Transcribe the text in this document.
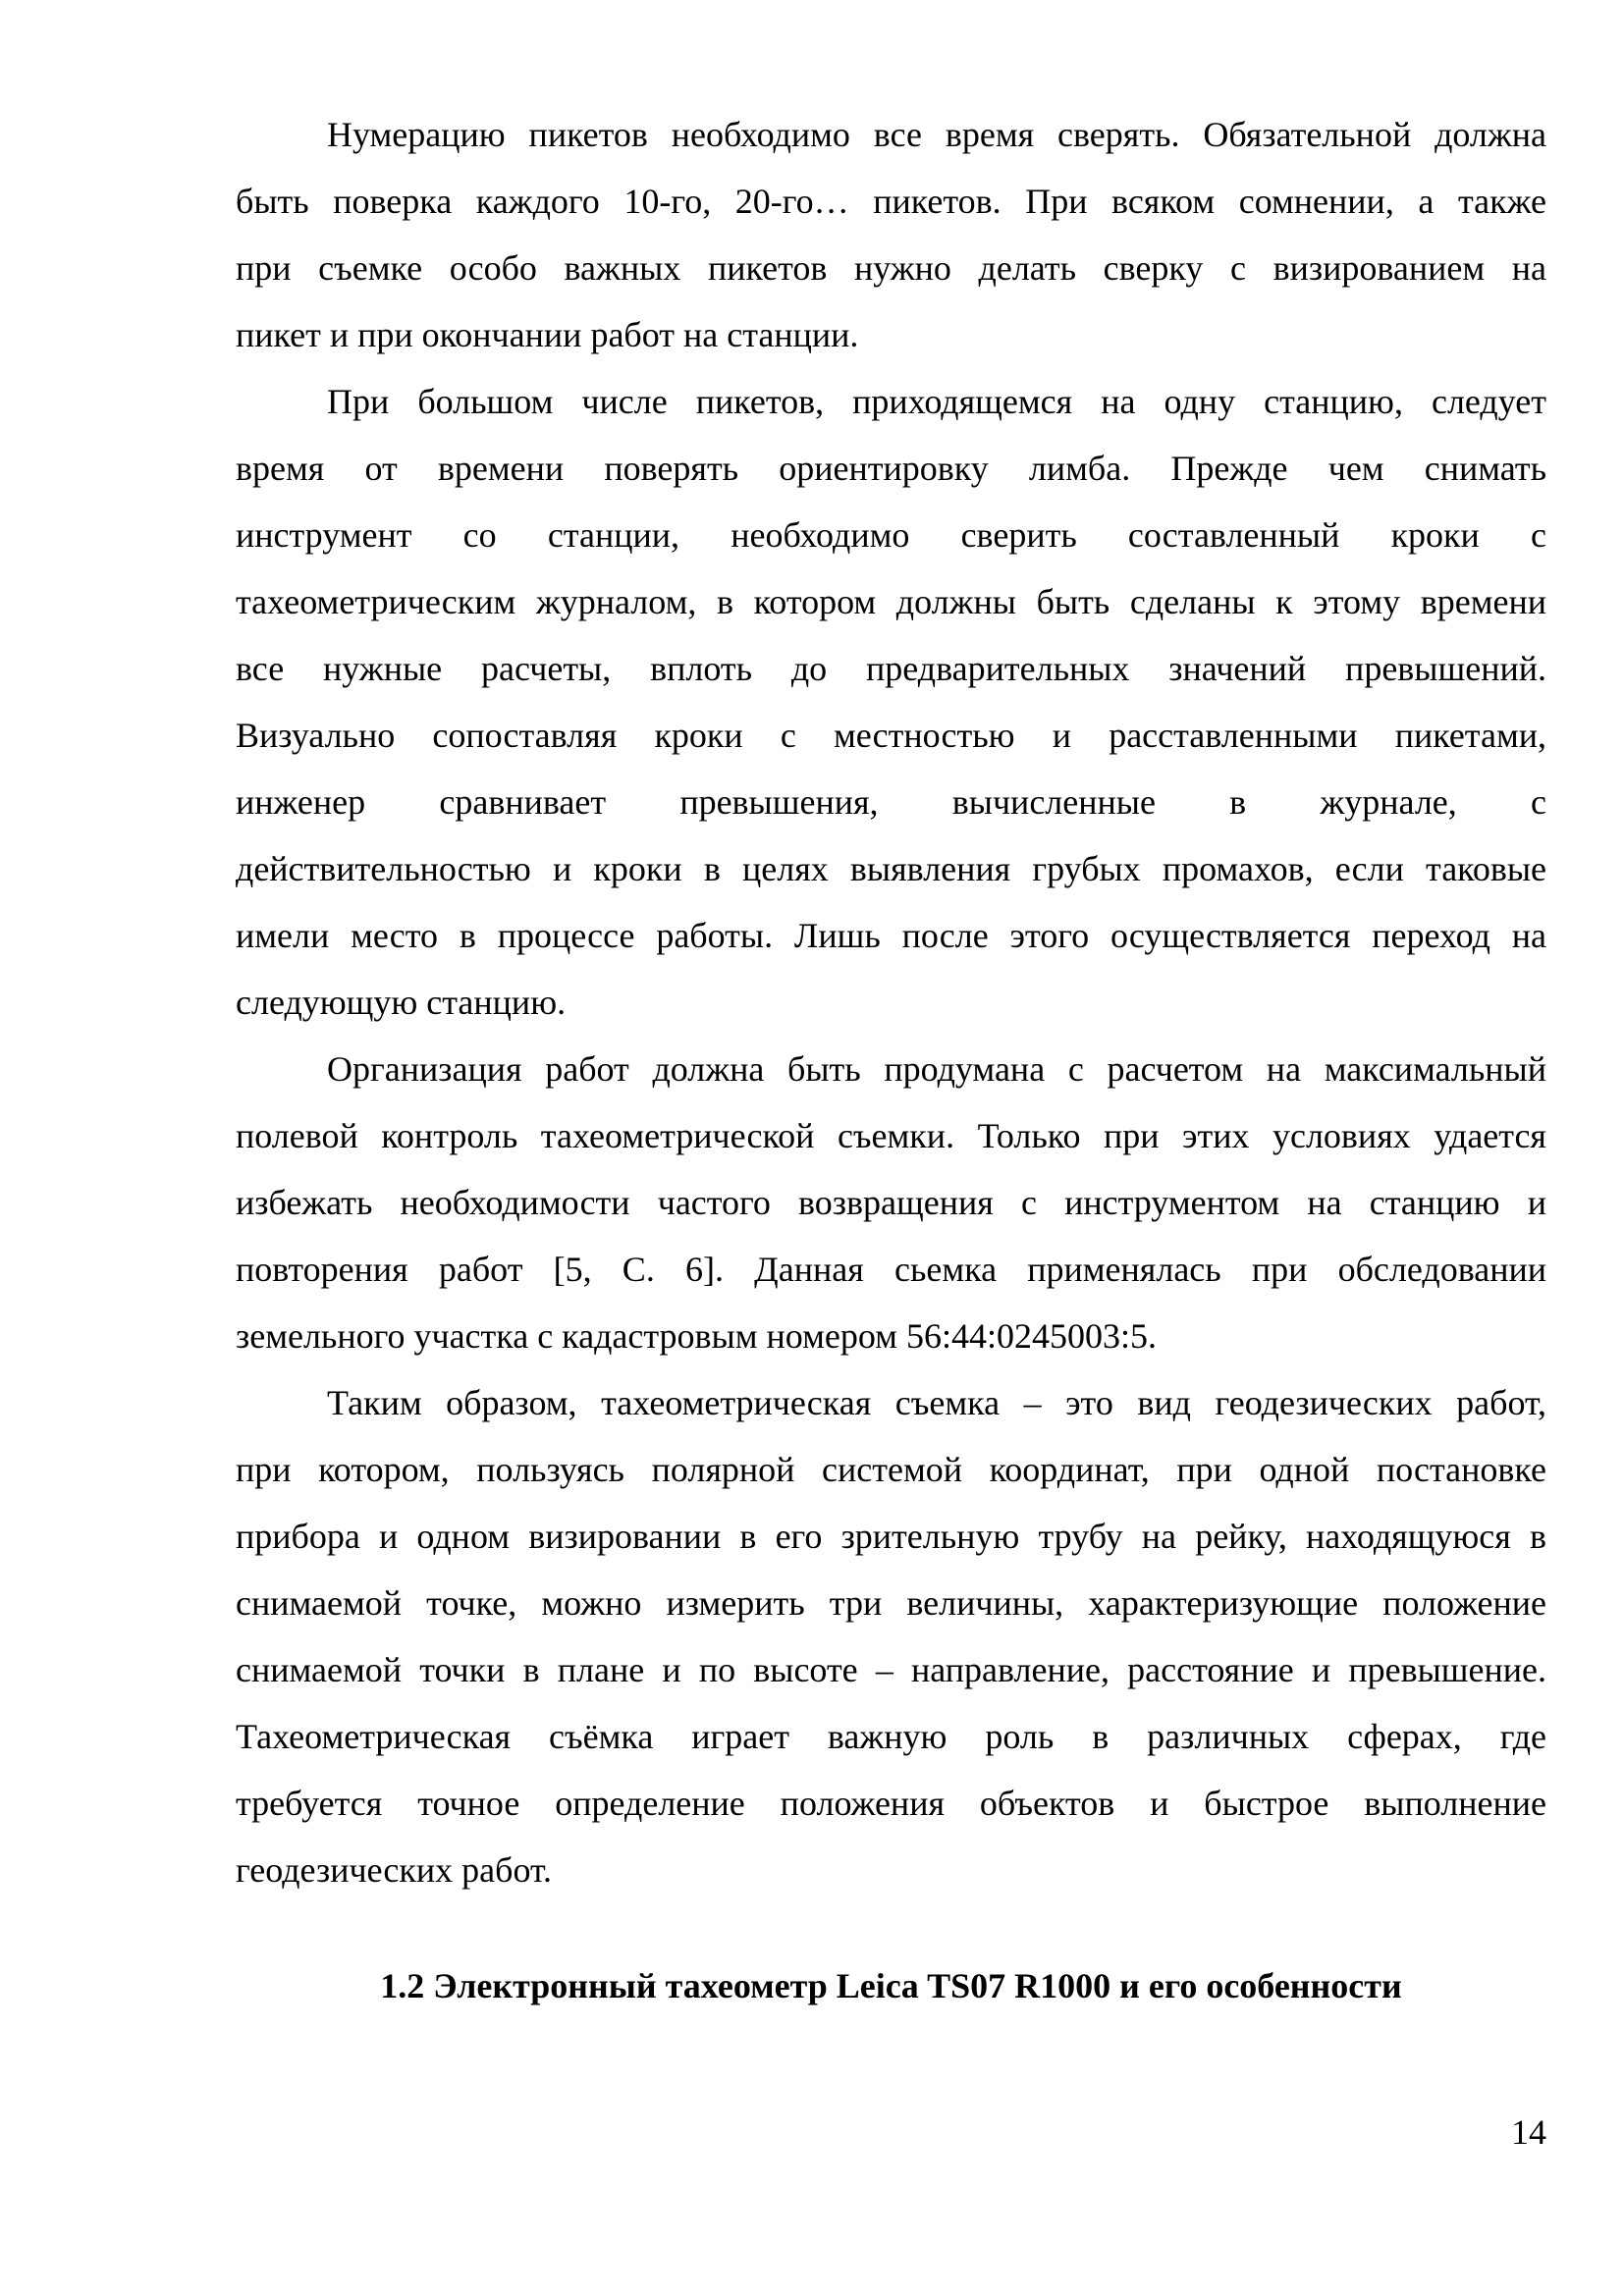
Нумерацию пикетов необходимо все время сверять. Обязательной должна
быть поверка каждого 10-го, 20-го… пикетов. При всяком сомнении, а также
при съемке особо важных пикетов нужно делать сверку с визированием на
пикет и при окончании работ на станции.
При большом числе пикетов, приходящемся на одну станцию, следует
время от времени поверять ориентировку лимба. Прежде чем снимать
инструмент со станции, необходимо сверить составленный кроки с
тахеометрическим журналом, в котором должны быть сделаны к этому времени
все нужные расчеты, вплоть до предварительных значений превышений.
Визуально сопоставляя кроки с местностью и расставленными пикетами,
инженер сравнивает превышения, вычисленные в журнале, с
действительностью и кроки в целях выявления грубых промахов, если таковые
имели место в процессе работы. Лишь после этого осуществляется переход на
следующую станцию.
Организация работ должна быть продумана с расчетом на максимальный
полевой контроль тахеометрической съемки. Только при этих условиях удается
избежать необходимости частого возвращения с инструментом на станцию и
повторения работ [5, С. 6]. Данная сьемка применялась при обследовании
земельного участка с кадастровым номером 56:44:0245003:5.
Таким образом, тахеометрическая съемка – это вид геодезических работ,
при котором, пользуясь полярной системой координат, при одной постановке
прибора и одном визировании в его зрительную трубу на рейку, находящуюся в
снимаемой точке, можно измерить три величины, характеризующие положение
снимаемой точки в плане и по высоте – направление, расстояние и превышение.
Тахеометрическая съёмка играет важную роль в различных сферах, где
требуется точное определение положения объектов и быстрое выполнение
геодезических работ.
1.2 Электронный тахеометр Leica TS07 R1000 и его особенности
14
